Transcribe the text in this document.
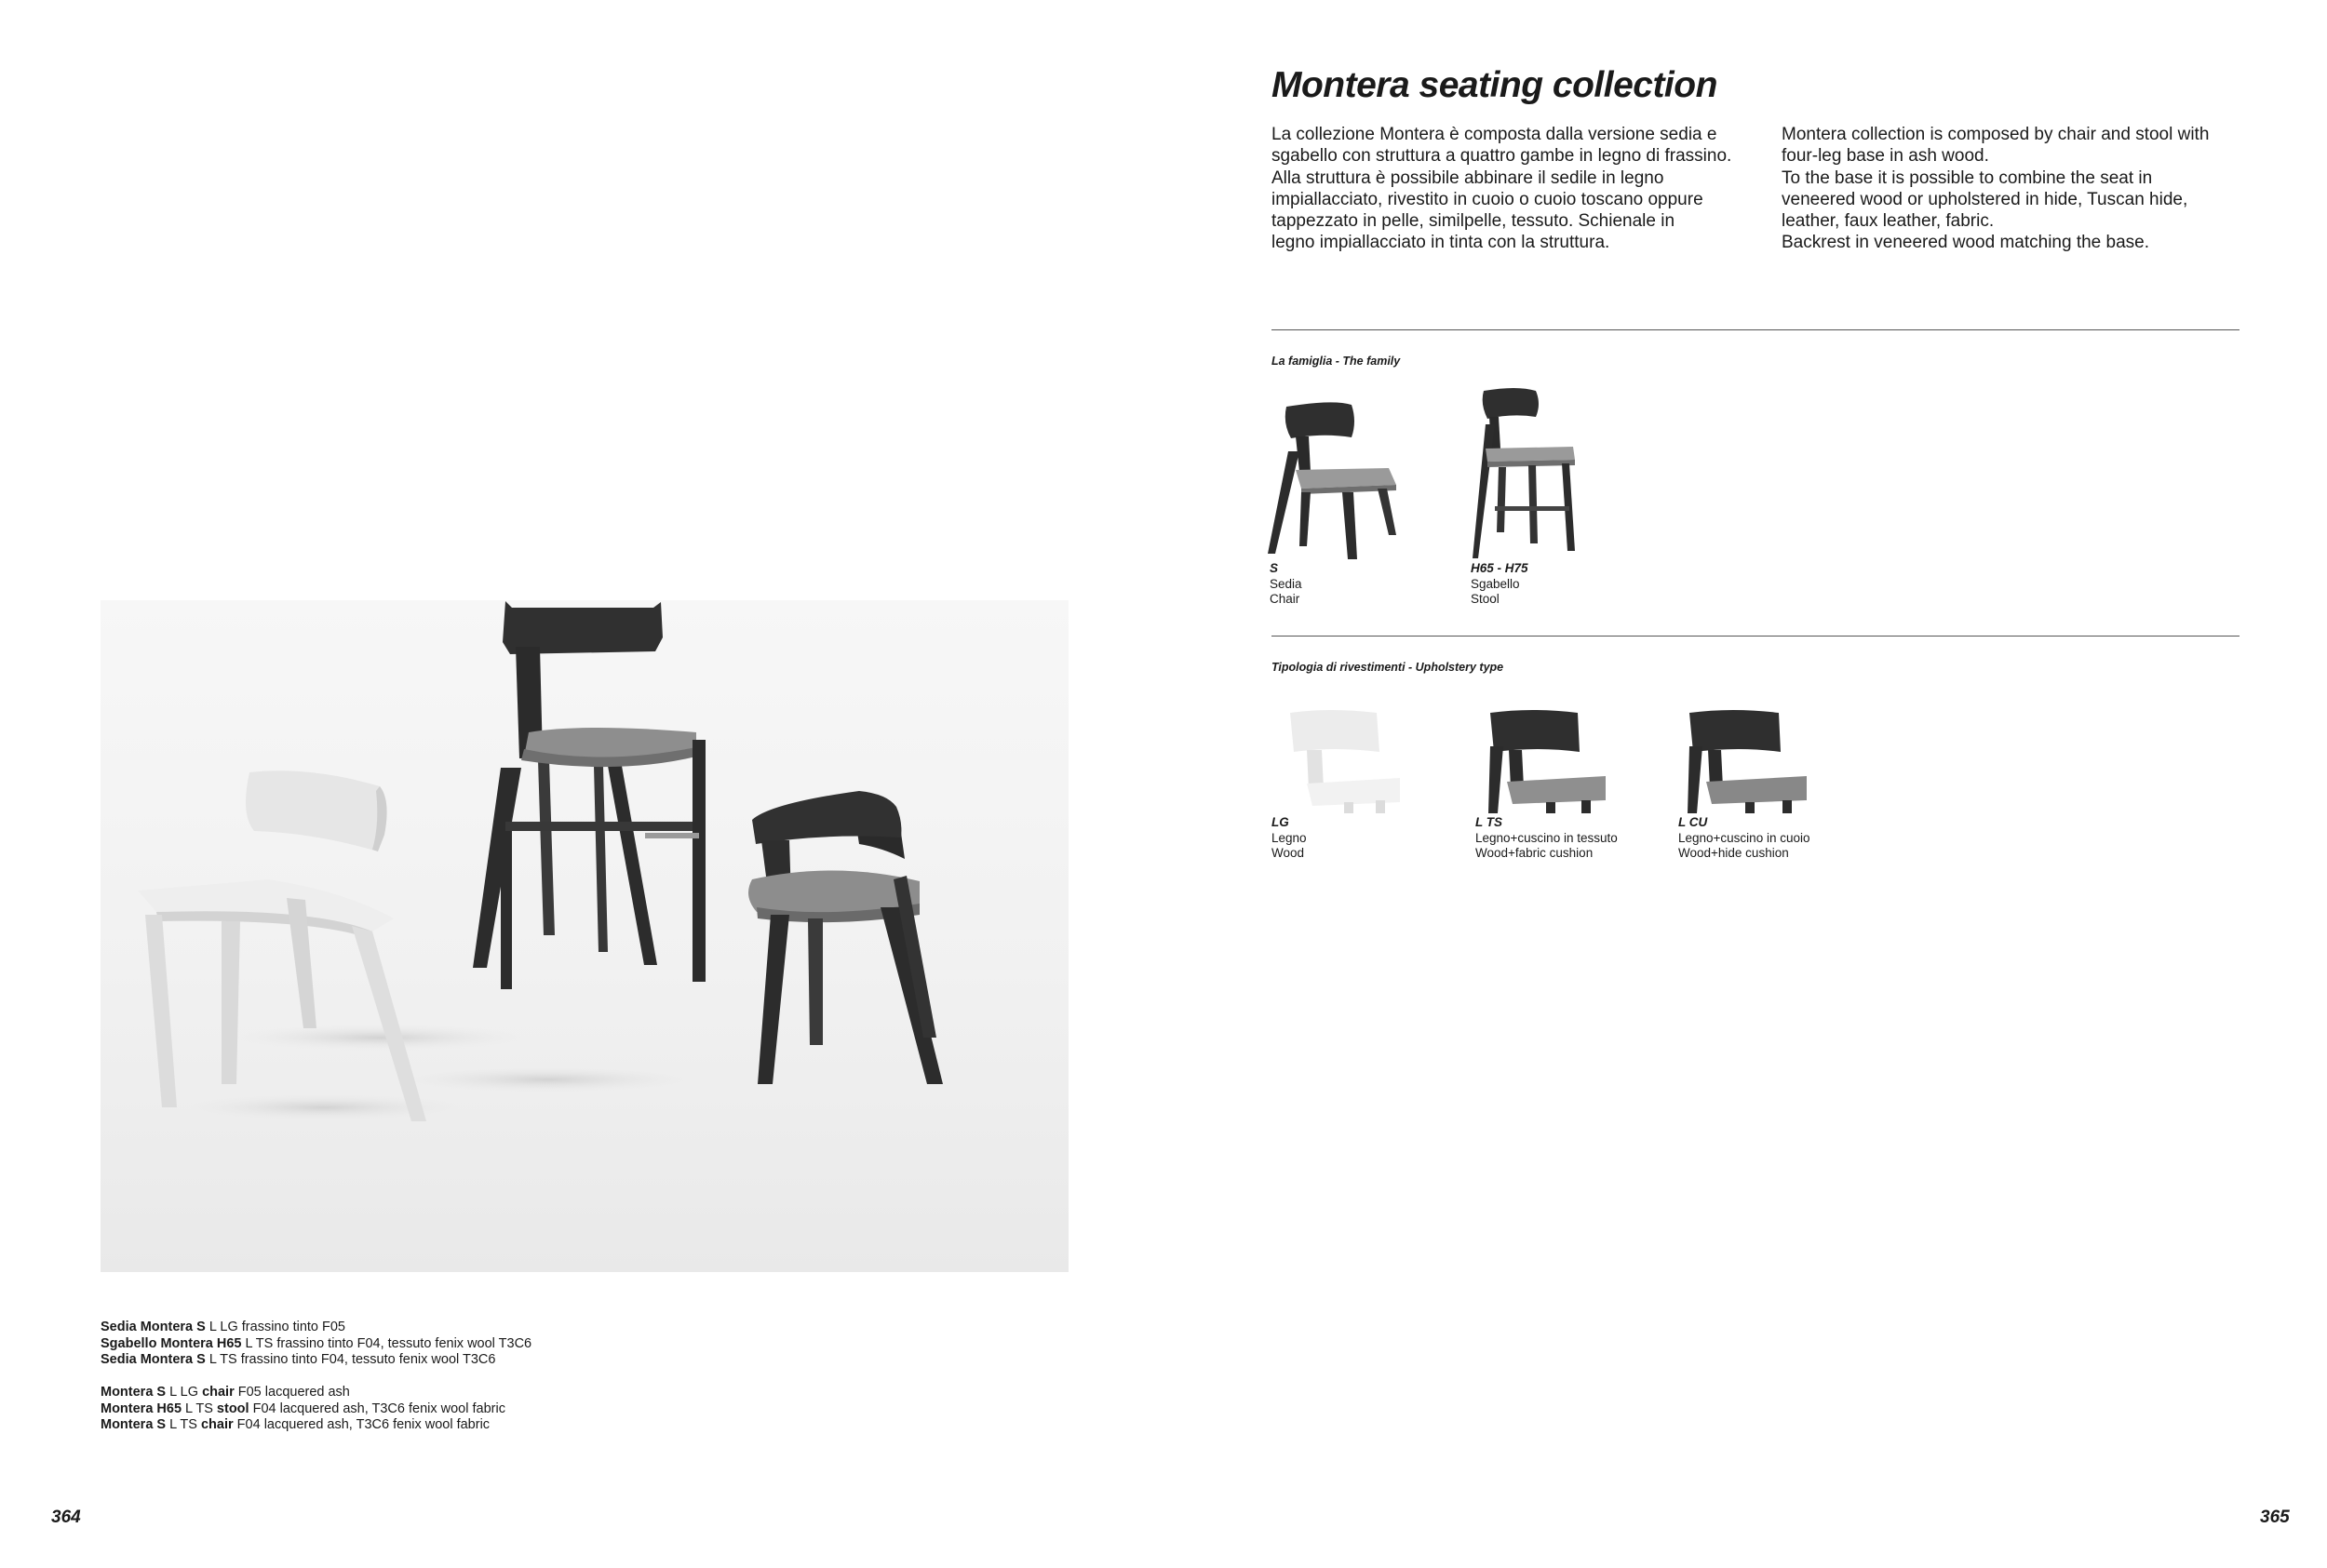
Sedia Montera S L LG frassino tinto F05
Sgabello Montera H65 L TS frassino tinto F04, tessuto fenix wool T3C6
Sedia Montera S L TS frassino tinto F04, tessuto fenix wool T3C6
Montera S L LG chair F05 lacquered ash
Montera H65 L TS stool F04 lacquered ash, T3C6 fenix wool fabric
Montera S L TS chair F04 lacquered ash, T3C6 fenix wool fabric
364
Montera seating collection
La collezione Montera è composta dalla versione sedia e
sgabello con struttura a quattro gambe in legno di frassino.
Alla struttura è possibile abbinare il sedile in legno
impiallacciato, rivestito in cuoio o cuoio toscano oppure
tappezzato in pelle, similpelle, tessuto. Schienale in
legno impiallacciato in tinta con la struttura.
Montera collection is composed by chair and stool with
four-leg base in ash wood.
To the base it is possible to combine the seat in
veneered wood or upholstered in hide, Tuscan hide,
leather, faux leather, fabric.
Backrest in veneered wood matching the base.
La famiglia - The family
S
Sedia
Chair
H65 - H75
Sgabello
Stool
Tipologia di rivestimenti - Upholstery type
LG
Legno
Wood
L TS
Legno+cuscino in tessuto
Wood+fabric cushion
L CU
Legno+cuscino in cuoio
Wood+hide cushion
365
